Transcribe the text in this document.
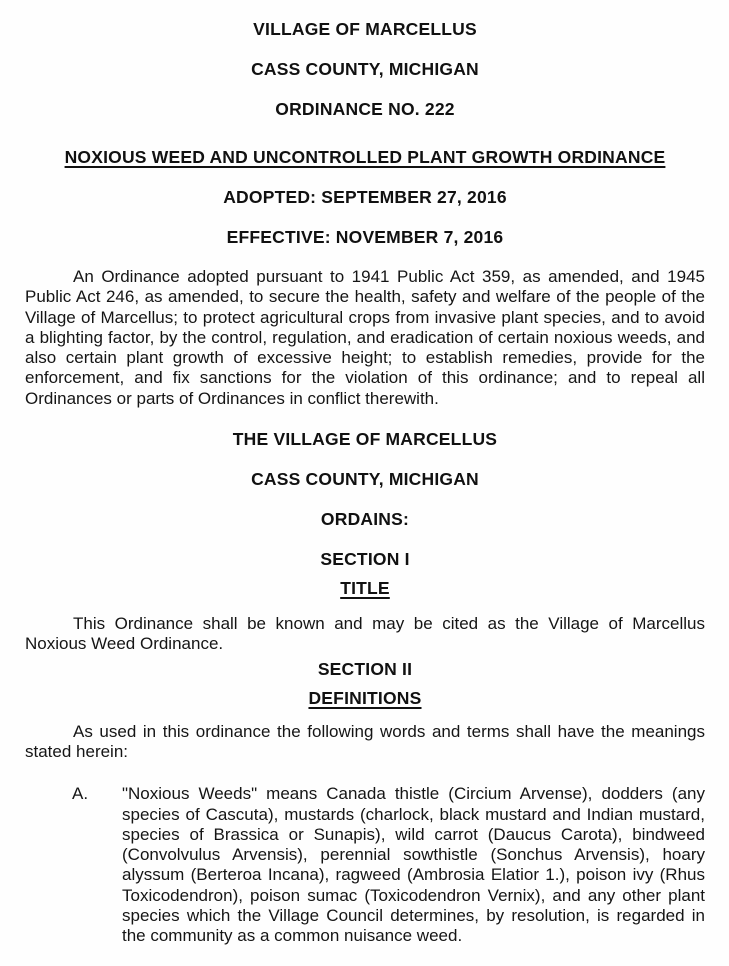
VILLAGE OF MARCELLUS
CASS COUNTY, MICHIGAN
ORDINANCE NO. 222
NOXIOUS WEED AND UNCONTROLLED PLANT GROWTH ORDINANCE
ADOPTED: SEPTEMBER 27, 2016
EFFECTIVE: NOVEMBER 7, 2016

An Ordinance adopted pursuant to 1941 Public Act 359, as amended, and 1945 Public Act 246, as amended, to secure the health, safety and welfare of the people of the Village of Marcellus; to protect agricultural crops from invasive plant species, and to avoid a blighting factor, by the control, regulation, and eradication of certain noxious weeds, and also certain plant growth of excessive height; to establish remedies, provide for the enforcement, and fix sanctions for the violation of this ordinance; and to repeal all Ordinances or parts of Ordinances in conflict therewith.

THE VILLAGE OF MARCELLUS
CASS COUNTY, MICHIGAN
ORDAINS:
SECTION I
TITLE

This Ordinance shall be known and may be cited as the Village of Marcellus Noxious Weed Ordinance.

SECTION II
DEFINITIONS

As used in this ordinance the following words and terms shall have the meanings stated herein:

A.	"Noxious Weeds" means Canada thistle (Circium Arvense), dodders (any species of Cascuta), mustards (charlock, black mustard and Indian mustard, species of Brassica or Sunapis), wild carrot (Daucus Carota), bindweed (Convolvulus Arvensis), perennial sowthistle (Sonchus Arvensis), hoary alyssum (Berteroa Incana), ragweed (Ambrosia Elatior 1.), poison ivy (Rhus Toxicodendron), poison sumac (Toxicodendron Vernix), and any other plant species which the Village Council determines, by resolution, is regarded in the community as a common nuisance weed.
